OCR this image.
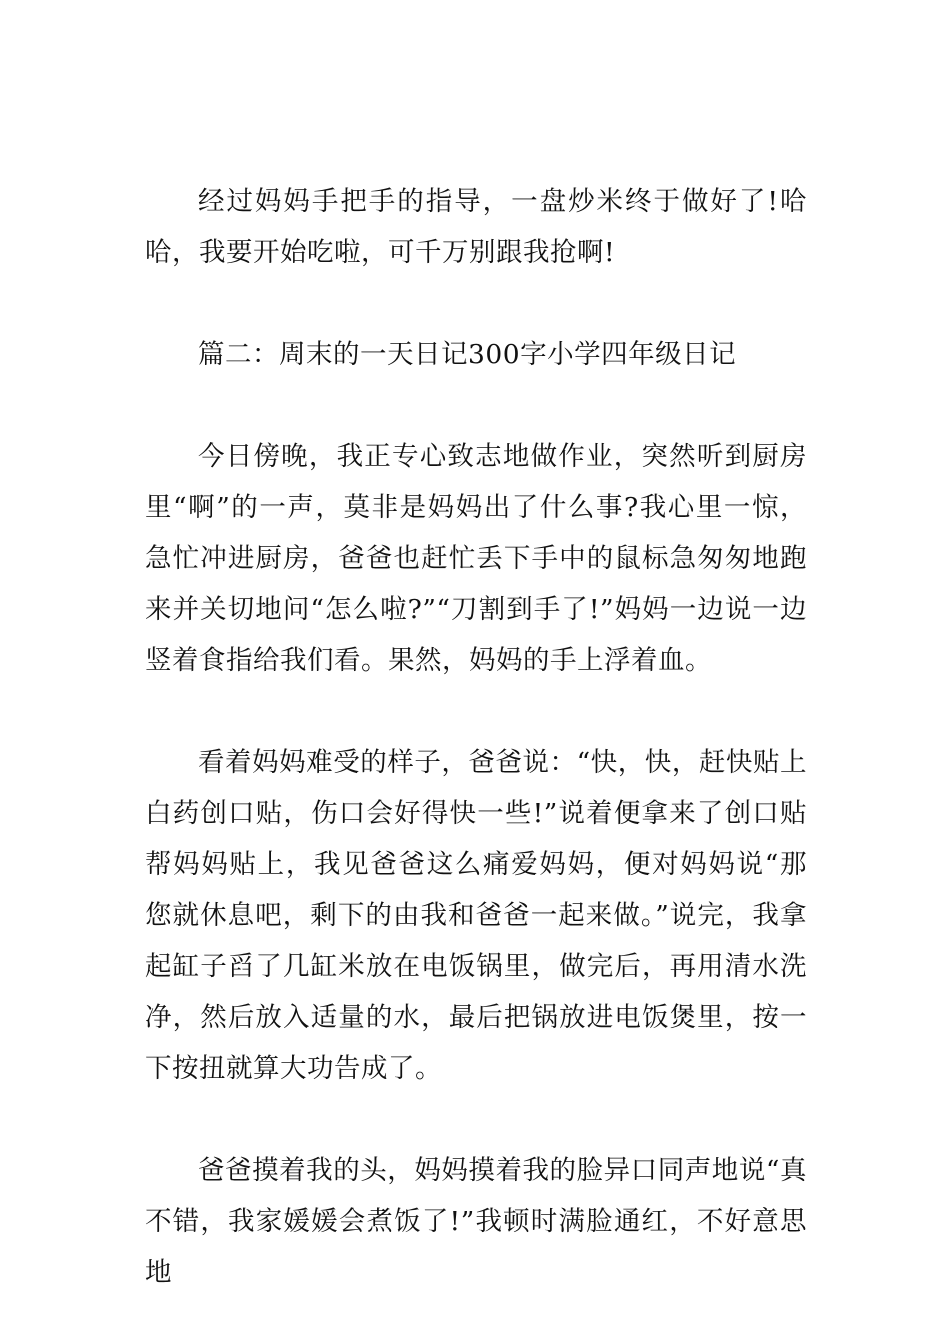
经过妈妈手把手的指导，一盘炒米终于做好了!哈哈，我要开始吃啦，可千万别跟我抢啊!

篇二：周末的一天日记300字小学四年级日记

今日傍晚，我正专心致志地做作业，突然听到厨房里“啊”的一声，莫非是妈妈出了什么事?我心里一惊，急忙冲进厨房，爸爸也赶忙丢下手中的鼠标急匆匆地跑来并关切地问“怎么啦?”“刀割到手了!”妈妈一边说一边竖着食指给我们看。果然，妈妈的手上浮着血。

看着妈妈难受的样子，爸爸说：“快，快，赶快贴上白药创口贴，伤口会好得快一些!”说着便拿来了创口贴帮妈妈贴上，我见爸爸这么痛爱妈妈，便对妈妈说“那您就休息吧，剩下的由我和爸爸一起来做。”说完，我拿起缸子舀了几缸米放在电饭锅里，做完后，再用清水洗净，然后放入适量的水，最后把锅放进电饭煲里，按一下按扭就算大功告成了。

爸爸摸着我的头，妈妈摸着我的脸异口同声地说“真不错，我家媛媛会煮饭了!”我顿时满脸通红，不好意思地
